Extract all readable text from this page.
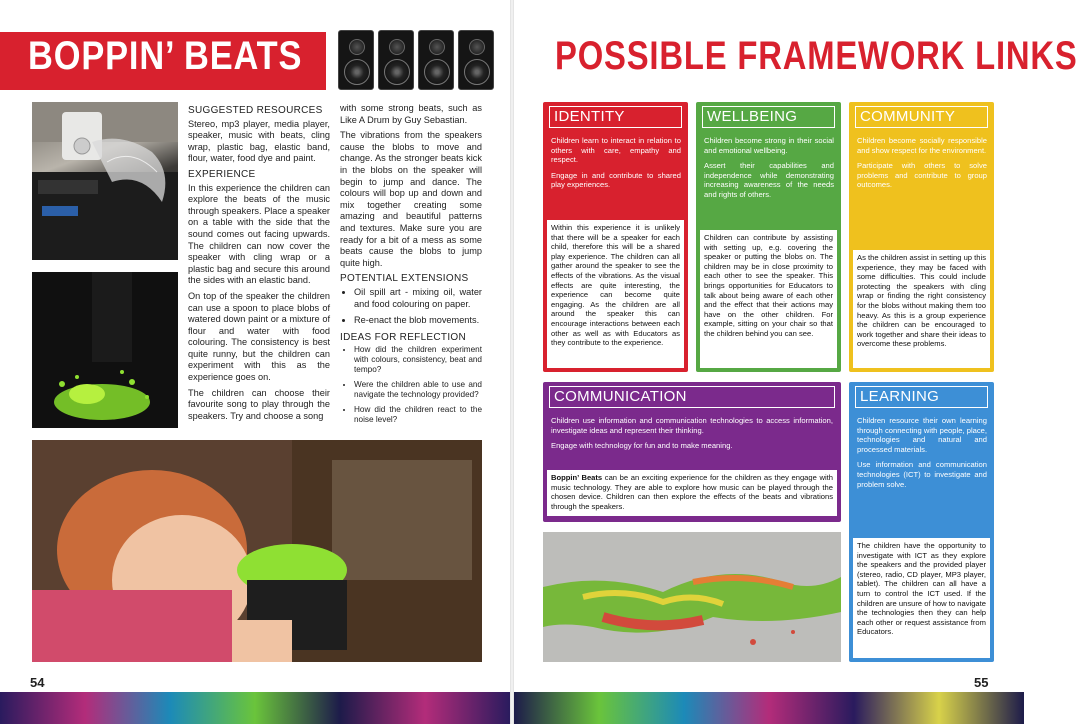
BOPPIN’ BEATS
SUGGESTED RESOURCES

Stereo, mp3 player, media player, speaker, music with beats, cling wrap, plastic bag, elastic band, flour, water, food dye and paint.

EXPERIENCE

In this experience the children can explore the beats of the music through speakers. Place a speaker on a table with the side that the sound comes out facing upwards. The children can now cover the speaker with cling wrap or a plastic bag and secure this around the sides with an elastic band.

On top of the speaker the children can use a spoon to place blobs of watered down paint or a mixture of flour and water with food colouring. The consistency is best quite runny, but the children can experiment with this as the experience goes on.

The children can choose their favourite song to play through the speakers. Try and choose a song

with some strong beats, such as Like A Drum by Guy Sebastian.

The vibrations from the speakers cause the blobs to move and change. As the stronger beats kick in the blobs on the speaker will begin to jump and dance. The colours will bop up and down and mix together creating some amazing and beautiful patterns and textures. Make sure you are ready for a bit of a mess as some beats cause the blobs to jump quite high.

POTENTIAL EXTENSIONS
• Oil spill art - mixing oil, water and food colouring on paper.
• Re-enact the blob movements.
IDEAS FOR REFLECTION
• How did the children experiment with colours, consistency, beat and tempo?
• Were the children able to use and navigate the technology provided?
• How did the children react to the noise level?
POSSIBLE FRAMEWORK LINKS
IDENTITY

Children learn to interact in relation to others with care, empathy and respect.

Engage in and contribute to shared play experiences.

Within this experience it is unlikely that there will be a speaker for each child, therefore this will be a shared play experience. The children can all gather around the speaker to see the effects of the vibrations. As the visual effects are quite interesting, the experience can become quite engaging. As the children are all around the speaker this can encourage interactions between each other as well as with Educators as they contribute to the experience.
WELLBEING

Children become strong in their social and emotional wellbeing.

Assert their capabilities and independence while demonstrating increasing awareness of the needs and rights of others.

Children can contribute by assisting with setting up, e.g. covering the speaker or putting the blobs on. The children may be in close proximity to each other to see the speaker. This brings opportunities for Educators to talk about being aware of each other and the effect that their actions may have on the other children. For example, sitting on your chair so that the children behind you can see.
COMMUNITY

Children become socially responsible and show respect for the environment.

Participate with others to solve problems and contribute to group outcomes.

As the children assist in setting up this experience, they may be faced with some difficulties. This could include protecting the speakers with cling wrap or finding the right consistency for the blobs without making them too heavy. As this is a group experience the children can be encouraged to work together and share their ideas to overcome these problems.
COMMUNICATION

Children use information and communication technologies to access information, investigate ideas and represent their thinking.

Engage with technology for fun and to make meaning.

Boppin’ Beats can be an exciting experience for the children as they engage with music technology. They are able to explore how music can be played through the chosen device. Children can then explore the effects of the beats and vibrations through the speakers.
LEARNING

Children resource their own learning through connecting with people, place, technologies and natural and processed materials.

Use information and communication technologies (ICT) to investigate and problem solve.

The children have the opportunity to investigate with ICT as they explore the speakers and the provided player (stereo, radio, CD player, MP3 player, tablet). The children can all have a turn to control the ICT used. If the children are unsure of how to navigate the technologies then they can help each other or request assistance from Educators.
54	55
